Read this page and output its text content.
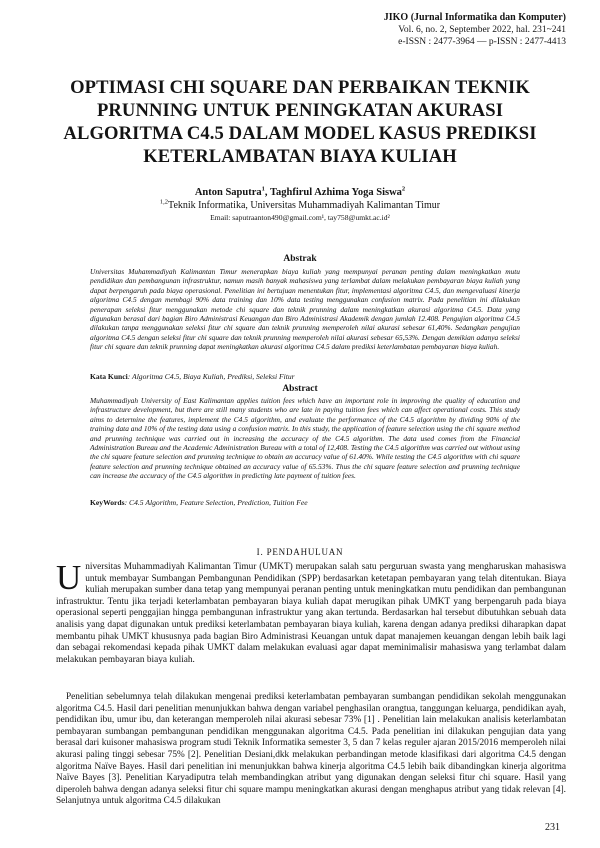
JIKO (Jurnal Informatika dan Komputer)
Vol. 6, no. 2, September 2022, hal. 231~241
e-ISSN : 2477-3964 — p-ISSN : 2477-4413
OPTIMASI CHI SQUARE DAN PERBAIKAN TEKNIK
PRUNNING UNTUK PENINGKATAN AKURASI
ALGORITMA C4.5 DALAM MODEL KASUS PREDIKSI
KETERLAMBATAN BIAYA KULIAH
Anton Saputra$^1$, Taghfirul Azhima Yoga Siswa$^2$
$^{1,2}$Teknik Informatika, Universitas Muhammadiyah Kalimantan Timur
Email: saputraanton490@gmail.com¹, tay758@umkt.ac.id²
Abstrak
Universitas Muhammadiyah Kalimantan Timur menerapkan biaya kuliah yang mempunyai peranan penting dalam meningkatkan mutu pendidikan dan pembangunan infrastruktur, namun masih banyak mahasiswa yang terlambat dalam melakukan pembayaran biaya kuliah yang dapat berpengaruh pada biaya operasional. Penelitian ini bertujuan menentukan fitur, implementasi algoritma C4.5, dan mengevaluasi kinerja algoritma C4.5 dengan membagi 90% data training dan 10% data testing menggunakan confusion matrix. Pada penelitian ini dilakukan penerapan seleksi fitur menggunakan metode chi square dan teknik prunning dalam meningkatkan akurasi algoritma C4.5. Data yang digunakan berasal dari bagian Biro Administrasi Keuangan dan Biro Administrasi Akademik dengan jumlah 12.408. Pengujian algoritma C4.5 dilakukan tanpa menggunakan seleksi fitur chi square dan teknik prunning memperoleh nilai akurasi sebesar 61,40%. Sedangkan pengujian algoritma C4.5 dengan seleksi fitur chi square dan teknik prunning memperoleh nilai akurasi sebesar 65,53%. Dengan demikian adanya seleksi fitur chi square dan teknik prunning dapat meningkatkan akurasi algoritma C4.5 dalam prediksi keterlambatan pembayaran biaya kuliah.
Kata Kunci: Algoritma C4.5, Biaya Kuliah, Prediksi, Seleksi Fitur
Abstract
Muhammadiyah University of East Kalimantan applies tuition fees which have an important role in improving the quality of education and infrastructure development, but there are still many students who are late in paying tuition fees which can affect operational costs. This study aims to determine the features, implement the C4.5 algorithm, and evaluate the performance of the C4.5 algorithm by dividing 90% of the training data and 10% of the testing data using a confusion matrix. In this study, the application of feature selection using the chi square method and prunning technique was carried out in increasing the accuracy of the C4.5 algorithm. The data used comes from the Financial Administration Bureau and the Academic Administration Bureau with a total of 12,408. Testing the C4.5 algorithm was carried out without using the chi square feature selection and prunning technique to obtain an accuracy value of 61.40%. While testing the C4.5 algorithm with chi square feature selection and prunning technique obtained an accuracy value of 65.53%. Thus the chi square feature selection and prunning technique can increase the accuracy of the C4.5 algorithm in predicting late payment of tuition fees.
KeyWords: C4.5 Algorithm, Feature Selection, Prediction, Tuition Fee
I. PENDAHULUAN
Universitas Muhammadiyah Kalimantan Timur (UMKT) merupakan salah satu perguruan swasta yang mengharuskan mahasiswa untuk membayar Sumbangan Pembangunan Pendidikan (SPP) berdasarkan ketetapan pembayaran yang telah ditentukan. Biaya kuliah merupakan sumber dana tetap yang mempunyai peranan penting untuk meningkatkan mutu pendidikan dan pembangunan infrastruktur. Tentu jika terjadi keterlambatan pembayaran biaya kuliah dapat merugikan pihak UMKT yang berpengaruh pada biaya operasional seperti penggajian hingga pembangunan infrastruktur yang akan tertunda. Berdasarkan hal tersebut dibutuhkan sebuah data analisis yang dapat digunakan untuk prediksi keterlambatan pembayaran biaya kuliah, karena dengan adanya prediksi diharapkan dapat membantu pihak UMKT khususnya pada bagian Biro Administrasi Keuangan untuk dapat manajemen keuangan dengan lebih baik lagi dan sebagai rekomendasi kepada pihak UMKT dalam melakukan evaluasi agar dapat meminimalisir mahasiswa yang terlambat dalam melakukan pembayaran biaya kuliah.
Penelitian sebelumnya telah dilakukan mengenai prediksi keterlambatan pembayaran sumbangan pendidikan sekolah menggunakan algoritma C4.5. Hasil dari penelitian menunjukkan bahwa dengan variabel penghasilan orangtua, tanggungan keluarga, pendidikan ayah, pendidikan ibu, umur ibu, dan keterangan memperoleh nilai akurasi sebesar 73% [1] . Penelitian lain melakukan analisis keterlambatan pembayaran sumbangan pembangunan pendidikan menggunakan algoritma C4.5. Pada penelitian ini dilakukan pengujian data yang berasal dari kuisoner mahasiswa program studi Teknik Informatika semester 3, 5 dan 7 kelas reguler ajaran 2015/2016 memperoleh nilai akurasi paling tinggi sebesar 75% [2]. Penelitian Desiani,dkk melakukan perbandingan metode klasifikasi dari algoritma C4.5 dengan algoritma Naïve Bayes. Hasil dari penelitian ini menunjukkan bahwa kinerja algoritma C4.5 lebih baik dibandingkan kinerja algoritma Naïve Bayes [3]. Penelitian Karyadiputra telah membandingkan atribut yang digunakan dengan seleksi fitur chi square. Hasil yang diperoleh bahwa dengan adanya seleksi fitur chi square mampu meningkatkan akurasi dengan menghapus atribut yang tidak relevan [4]. Selanjutnya untuk algoritma C4.5 dilakukan
231
